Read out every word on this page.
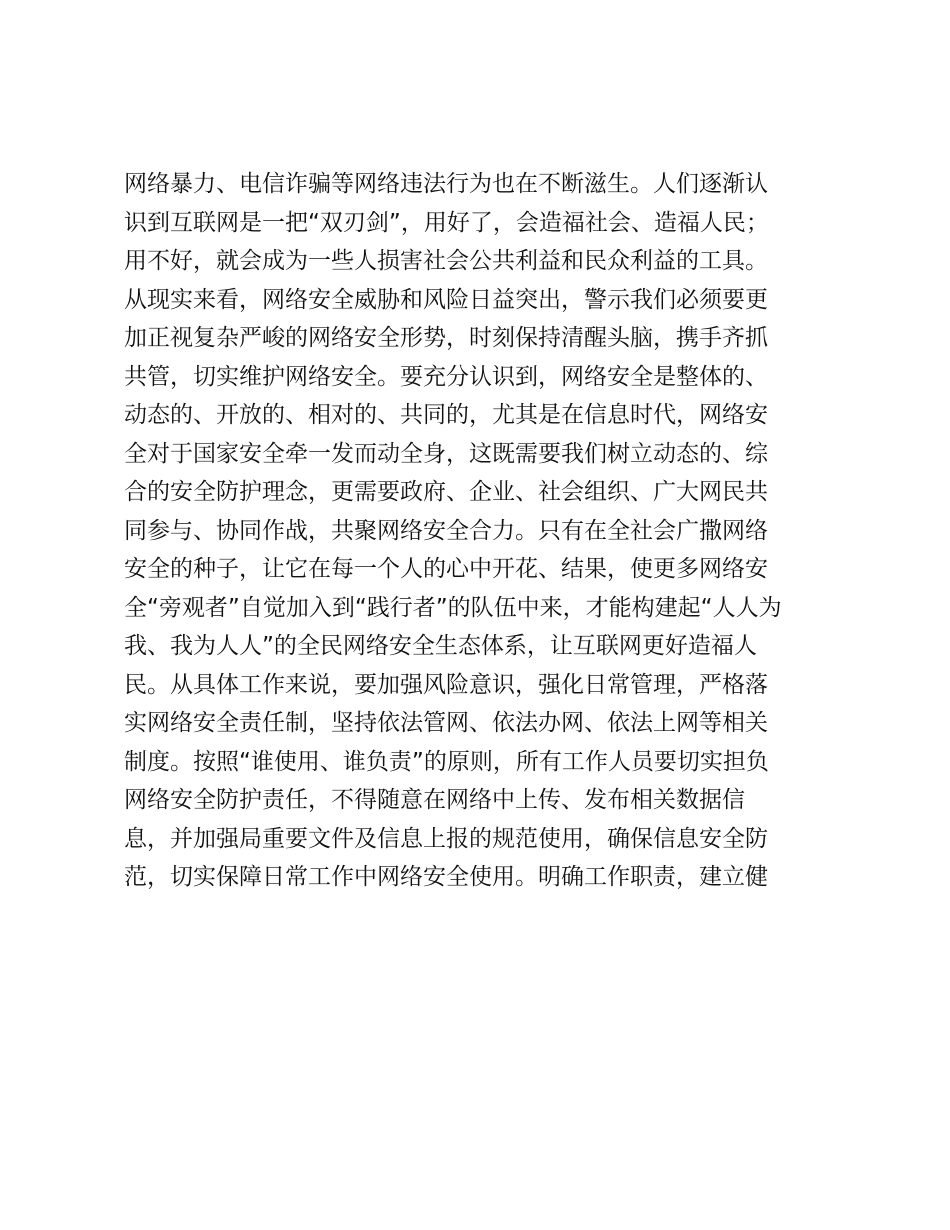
网络暴力、电信诈骗等网络违法行为也在不断滋生。人们逐渐认
识到互联网是一把“双刃剑”，用好了，会造福社会、造福人民；
用不好，就会成为一些人损害社会公共利益和民众利益的工具。
从现实来看，网络安全威胁和风险日益突出，警示我们必须要更
加正视复杂严峻的网络安全形势，时刻保持清醒头脑，携手齐抓
共管，切实维护网络安全。要充分认识到，网络安全是整体的、
动态的、开放的、相对的、共同的，尤其是在信息时代，网络安
全对于国家安全牵一发而动全身，这既需要我们树立动态的、综
合的安全防护理念，更需要政府、企业、社会组织、广大网民共
同参与、协同作战，共聚网络安全合力。只有在全社会广撒网络
安全的种子，让它在每一个人的心中开花、结果，使更多网络安
全“旁观者”自觉加入到“践行者”的队伍中来，才能构建起“人人为
我、我为人人”的全民网络安全生态体系，让互联网更好造福人
民。从具体工作来说，要加强风险意识，强化日常管理，严格落
实网络安全责任制，坚持依法管网、依法办网、依法上网等相关
制度。按照“谁使用、谁负责”的原则，所有工作人员要切实担负
网络安全防护责任，不得随意在网络中上传、发布相关数据信
息，并加强局重要文件及信息上报的规范使用，确保信息安全防
范，切实保障日常工作中网络安全使用。明确工作职责，建立健
